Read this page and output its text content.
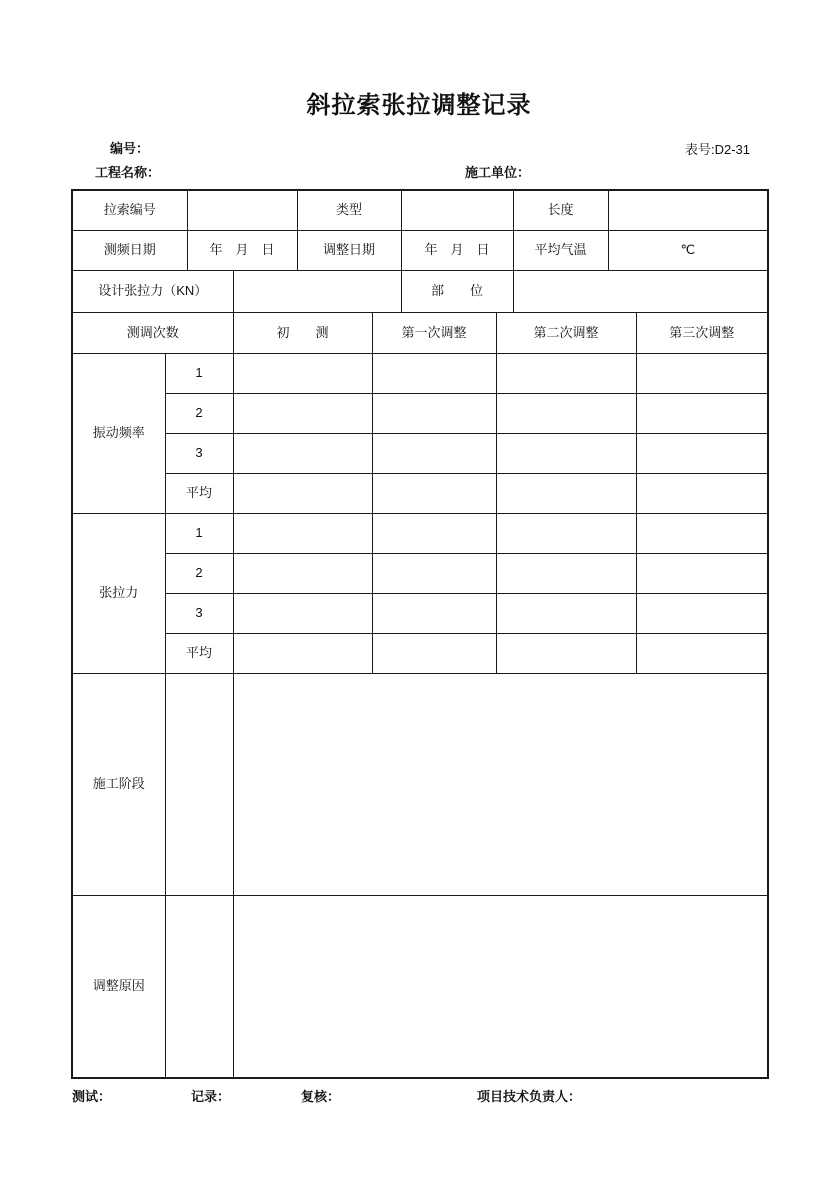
斜拉索张拉调整记录
编号：	表号:D2-31
工程名称：	施工单位：
拉索编号				类型				长度		
测频日期		年　月　日		调整日期		年　月　日		平均气温	℃	
设计张拉力（KN）						部　　位				
测调次数			初　　测		第一次调整		第二次调整			第三次调整
振动频率	1									
	2									
	3									
	平均									
张拉力	1									
	2									
	3									
	平均									
施工阶段										
调整原因										
测试：	记录：	复核：	项目技术负责人：
